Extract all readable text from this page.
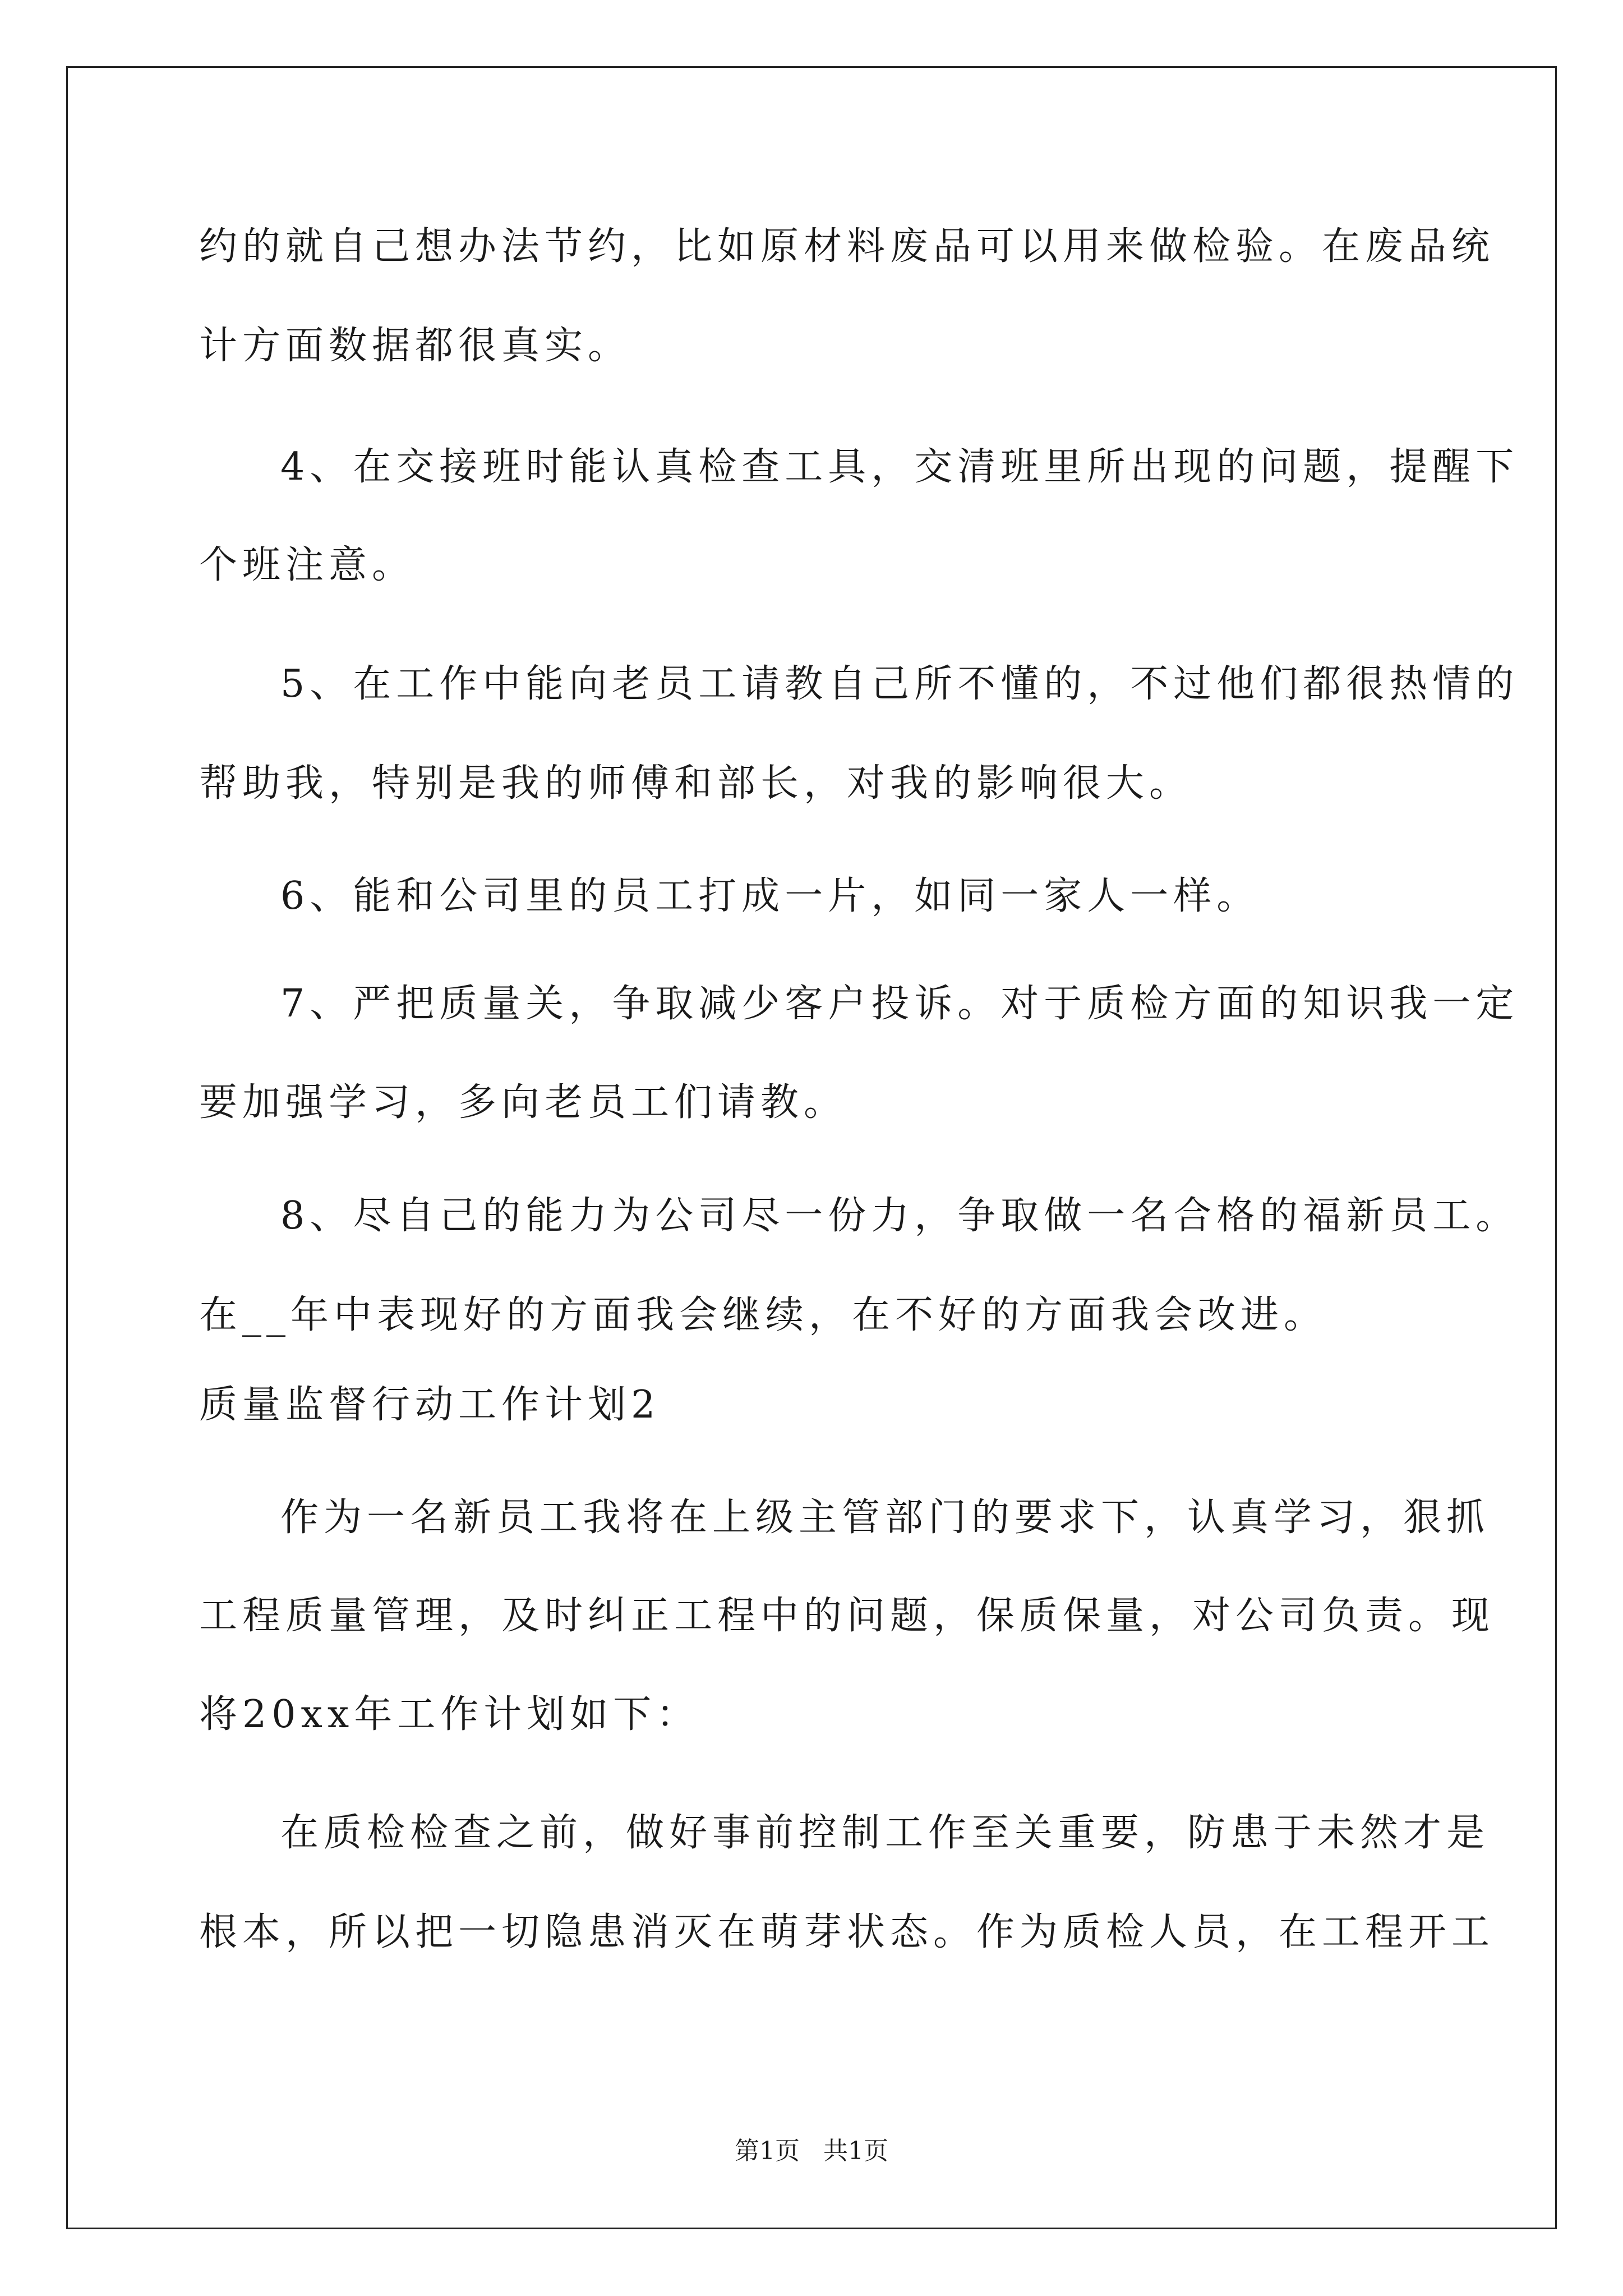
约的就自己想办法节约，比如原材料废品可以用来做检验。在废品统

计方面数据都很真实。

4、在交接班时能认真检查工具，交清班里所出现的问题，提醒下

个班注意。

5、在工作中能向老员工请教自己所不懂的，不过他们都很热情的

帮助我，特别是我的师傅和部长，对我的影响很大。

6、能和公司里的员工打成一片，如同一家人一样。

7、严把质量关，争取减少客户投诉。对于质检方面的知识我一定

要加强学习，多向老员工们请教。

8、尽自己的能力为公司尽一份力，争取做一名合格的福新员工。

在__年中表现好的方面我会继续，在不好的方面我会改进。

质量监督行动工作计划2

作为一名新员工我将在上级主管部门的要求下，认真学习，狠抓

工程质量管理，及时纠正工程中的问题，保质保量，对公司负责。现

将20xx年工作计划如下：

在质检检查之前，做好事前控制工作至关重要，防患于未然才是

根本，所以把一切隐患消灭在萌芽状态。作为质检人员，在工程开工

第1页   共1页
